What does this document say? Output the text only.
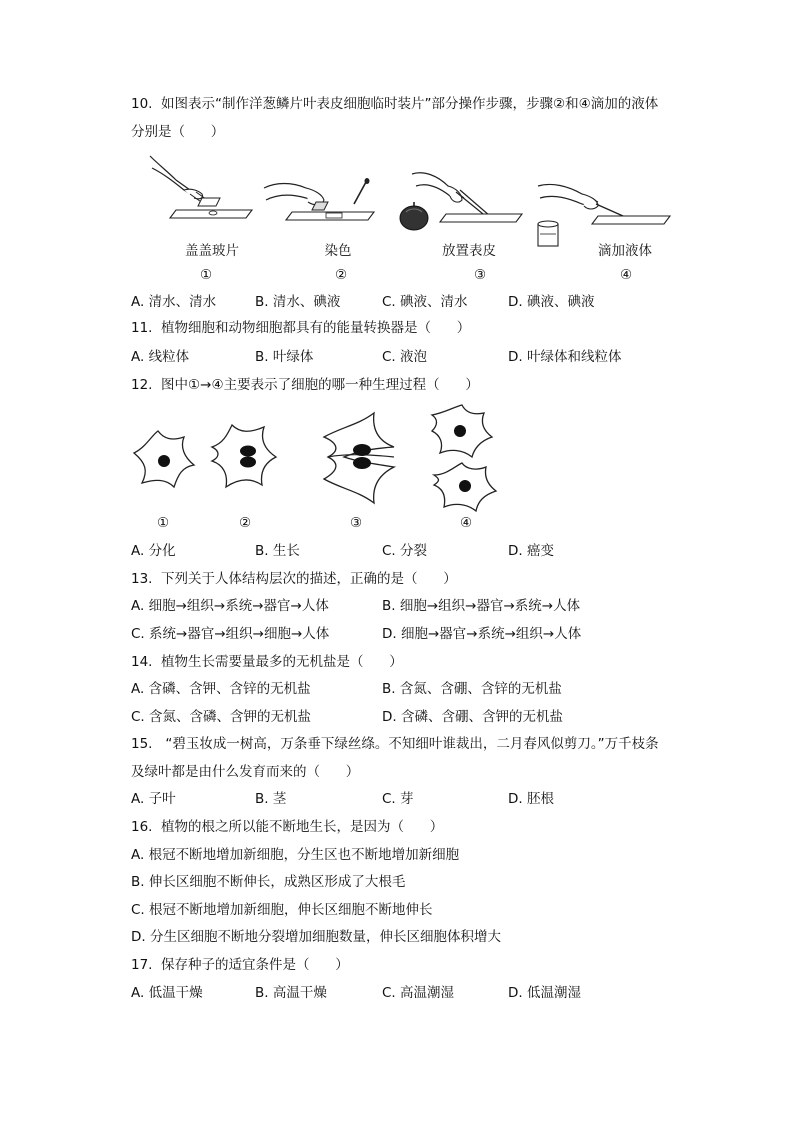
10.  如图表示“制作洋葱鳞片叶表皮细胞临时装片”部分操作步骤，步骤②和④滴加的液体
分别是（      ）
盖盖玻片	染色	放置表皮	滴加液体
①	②	③	④
A. 清水、清水	B. 清水、碘液	C. 碘液、清水	D. 碘液、碘液
11.  植物细胞和动物细胞都具有的能量转换器是（      ）
A. 线粒体	B. 叶绿体	C. 液泡	D. 叶绿体和线粒体
12.  图中①→④主要表示了细胞的哪一种生理过程（      ）
①	②	③	④
A. 分化	B. 生长	C. 分裂	D. 癌变
13.  下列关于人体结构层次的描述，正确的是（      ）
A. 细胞→组织→系统→器官→人体	B. 细胞→组织→器官→系统→人体
C. 系统→器官→组织→细胞→人体	D. 细胞→器官→系统→组织→人体
14.  植物生长需要量最多的无机盐是（      ）
A. 含磷、含钾、含锌的无机盐	B. 含氮、含硼、含锌的无机盐
C. 含氮、含磷、含钾的无机盐	D. 含磷、含硼、含钾的无机盐
15.   “碧玉妆成一树高，万条垂下绿丝绦。不知细叶谁裁出，二月春风似剪刀。”万千枝条
及绿叶都是由什么发育而来的（      ）
A. 子叶	B. 茎	C. 芽	D. 胚根
16.  植物的根之所以能不断地生长，是因为（      ）
A. 根冠不断地增加新细胞，分生区也不断地增加新细胞
B. 伸长区细胞不断伸长，成熟区形成了大根毛
C. 根冠不断地增加新细胞，伸长区细胞不断地伸长
D. 分生区细胞不断地分裂增加细胞数量，伸长区细胞体积增大
17.  保存种子的适宜条件是（      ）
A. 低温干燥	B. 高温干燥	C. 高温潮湿	D. 低温潮湿
